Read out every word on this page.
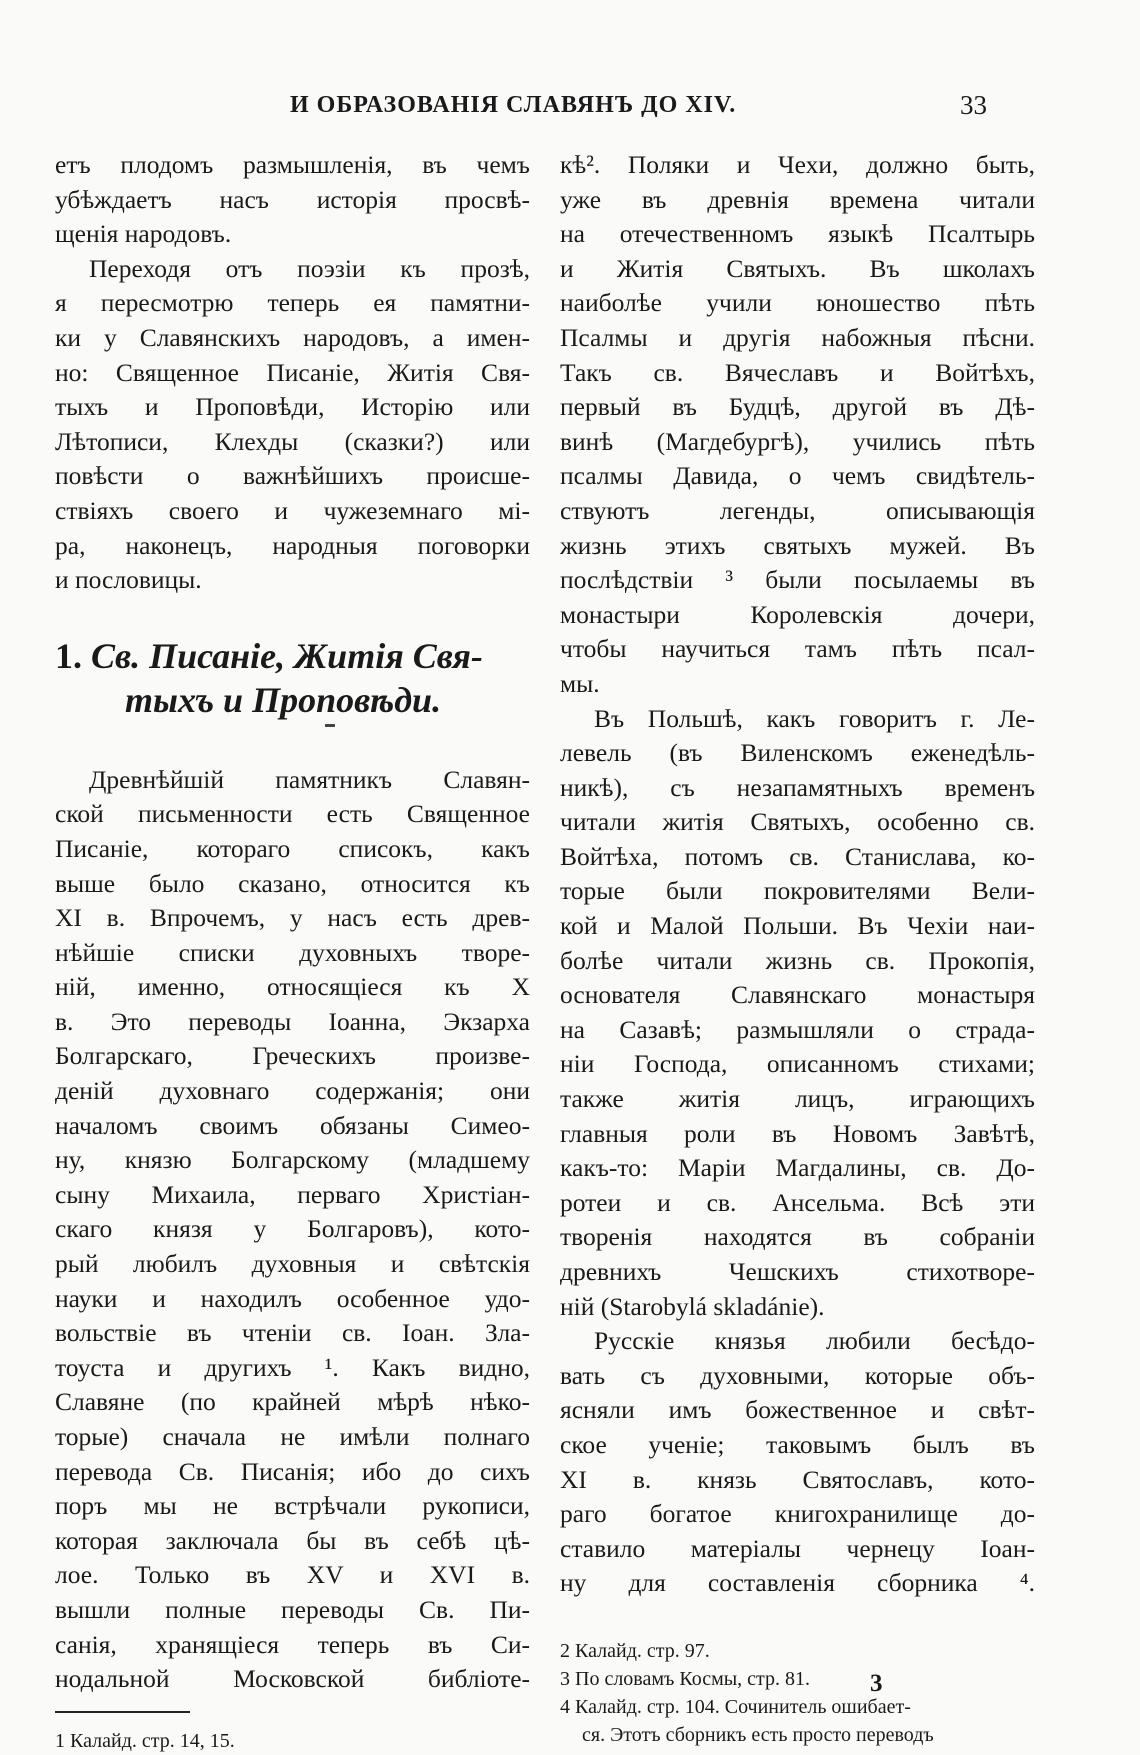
И ОБРАЗОВАНІЯ СЛАВЯНЪ ДО XIV.	33
етъ плодомъ размышленія, въ чемъ
убѣждаетъ насъ исторія просвѣ-
щенія народовъ.
Переходя отъ поэзіи къ прозѣ,
я пересмотрю теперь ея памятни-
ки у Славянскихъ народовъ, а имен-
но: Священное Писаніе, Житія Свя-
тыхъ и Проповѣди, Исторію или
Лѣтописи, Клехды (сказки?) или
повѣсти о важнѣйшихъ происше-
ствіяхъ своего и чужеземнаго мі-
ра, наконецъ, народныя поговорки
и пословицы.
1. Св. Писаніе, Житія Свя-
тыхъ и Проповѣди.
Древнѣйшій памятникъ Славян-
ской письменности есть Священное
Писаніе, котораго списокъ, какъ
выше было сказано, относится къ
XI в. Впрочемъ, у насъ есть древ-
нѣйшіе списки духовныхъ творе-
ній, именно, относящіеся къ X
в. Это переводы Іоанна, Экзарха
Болгарскаго, Греческихъ произве-
деній духовнаго содержанія; они
началомъ своимъ обязаны Симео-
ну, князю Болгарскому (младшему
сыну Михаила, перваго Христіан-
скаго князя у Болгаровъ), кото-
рый любилъ духовныя и свѣтскія
науки и находилъ особенное удо-
вольствіе въ чтеніи св. Іоан. Зла-
тоуста и другихъ ¹. Какъ видно,
Славяне (по крайней мѣрѣ нѣко-
торые) сначала не имѣли полнаго
перевода Св. Писанія; ибо до сихъ
поръ мы не встрѣчали рукописи,
которая заключала бы въ себѣ цѣ-
лое. Только въ XV и XVI в.
вышли полные переводы Св. Пи-
санія, хранящіеся теперь въ Си-
нодальной Московской библіоте-
1 Калайд. стр. 14, 15.
кѣ². Поляки и Чехи, должно быть,
уже въ древнія времена читали
на отечественномъ языкѣ Псалтырь
и Житія Святыхъ. Въ школахъ
наиболѣе учили юношество пѣть
Псалмы и другія набожныя пѣсни.
Такъ св. Вячеславъ и Войтѣхъ,
первый въ Будцѣ, другой въ Дѣ-
винѣ (Магдебургѣ), учились пѣть
псалмы Давида, о чемъ свидѣтель-
ствуютъ легенды, описывающія
жизнь этихъ святыхъ мужей. Въ
послѣдствіи ³ были посылаемы въ
монастыри Королевскія дочери,
чтобы научиться тамъ пѣть псал-
мы.
Въ Польшѣ, какъ говоритъ г. Ле-
левель (въ Виленскомъ еженедѣль-
никѣ), съ незапамятныхъ временъ
читали житія Святыхъ, особенно св.
Войтѣха, потомъ св. Станислава, ко-
торые были покровителями Вели-
кой и Малой Польши. Въ Чехіи наи-
болѣе читали жизнь св. Прокопія,
основателя Славянскаго монастыря
на Сазавѣ; размышляли о страда-
ніи Господа, описанномъ стихами;
также житія лицъ, играющихъ
главныя роли въ Новомъ Завѣтѣ,
какъ-то: Маріи Магдалины, св. До-
ротеи и св. Ансельма. Всѣ эти
творенія находятся въ собраніи
древнихъ Чешскихъ стихотворе-
ній (Starobylá skladánie).
Русскіе князья любили бесѣдо-
вать съ духовными, которые объ-
ясняли имъ божественное и свѣт-
ское ученіе; таковымъ былъ въ
XI в. князь Святославъ, кото-
раго богатое книгохранилище до-
ставило матеріалы чернецу Іоан-
ну для составленія сборника ⁴.
2 Калайд. стр. 97.
3 По словамъ Космы, стр. 81.
4 Калайд. стр. 104. Сочинитель ошибает-
ся. Этотъ сборникъ есть просто переводъ
3
